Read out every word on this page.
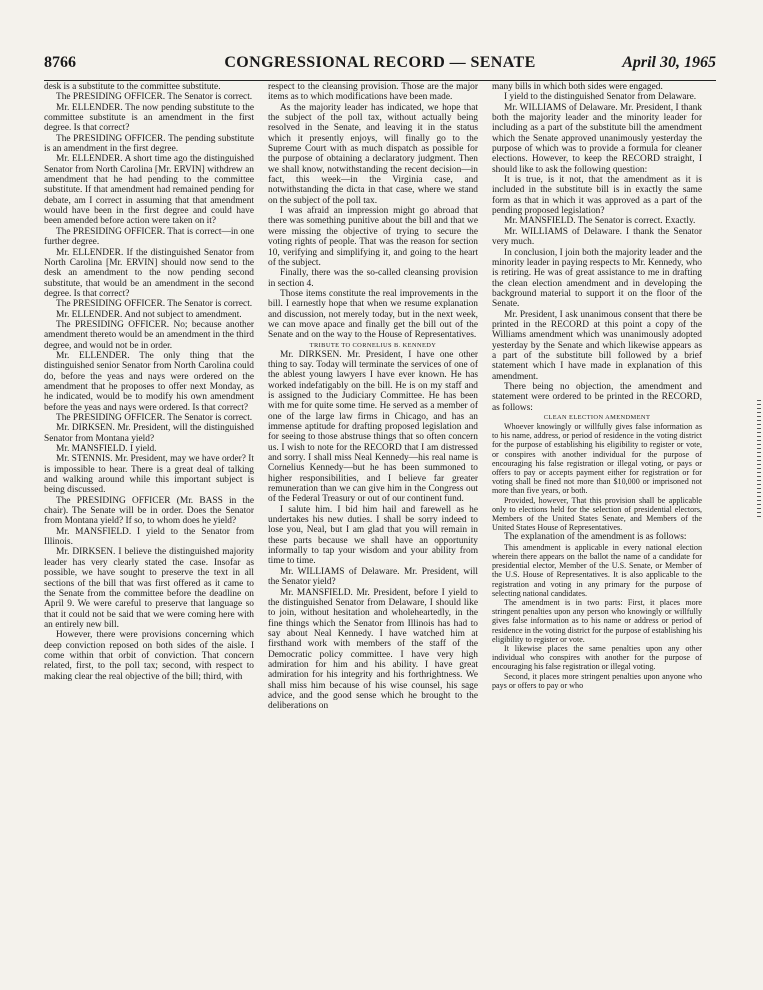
8766	CONGRESSIONAL RECORD — SENATE	April 30, 1965

desk is a substitute to the committee substitute.

The PRESIDING OFFICER. The Senator is correct.

Mr. ELLENDER. The now pending substitute to the committee substitute is an amendment in the first degree. Is that correct?

The PRESIDING OFFICER. The pending substitute is an amendment in the first degree.

Mr. ELLENDER. A short time ago the distinguished Senator from North Carolina [Mr. ERVIN] withdrew an amendment that he had pending to the committee substitute. If that amendment had remained pending for debate, am I correct in assuming that that amendment would have been in the first degree and could have been amended before action were taken on it?

The PRESIDING OFFICER. That is correct—in one further degree.

Mr. ELLENDER. If the distinguished Senator from North Carolina [Mr. ERVIN] should now send to the desk an amendment to the now pending second substitute, that would be an amendment in the second degree. Is that correct?

The PRESIDING OFFICER. The Senator is correct.

Mr. ELLENDER. And not subject to amendment.

The PRESIDING OFFICER. No; because another amendment thereto would be an amendment in the third degree, and would not be in order.

Mr. ELLENDER. The only thing that the distinguished senior Senator from North Carolina could do, before the yeas and nays were ordered on the amendment that he proposes to offer next Monday, as he indicated, would be to modify his own amendment before the yeas and nays were ordered. Is that correct?

The PRESIDING OFFICER. The Senator is correct.

Mr. DIRKSEN. Mr. President, will the distinguished Senator from Montana yield?

Mr. MANSFIELD. I yield.

Mr. STENNIS. Mr. President, may we have order? It is impossible to hear. There is a great deal of talking and walking around while this important subject is being discussed.

The PRESIDING OFFICER (Mr. BASS in the chair). The Senate will be in order. Does the Senator from Montana yield? If so, to whom does he yield?

Mr. MANSFIELD. I yield to the Senator from Illinois.

Mr. DIRKSEN. I believe the distinguished majority leader has very clearly stated the case. Insofar as possible, we have sought to preserve the text in all sections of the bill that was first offered as it came to the Senate from the committee before the deadline on April 9. We were careful to preserve that language so that it could not be said that we were coming here with an entirely new bill.

However, there were provisions concerning which deep conviction reposed on both sides of the aisle. I come within that orbit of conviction. That concern related, first, to the poll tax; second, with respect to making clear the real objective of the bill; third, with

respect to the cleansing provision. Those are the major items as to which modifications have been made.

As the majority leader has indicated, we hope that the subject of the poll tax, without actually being resolved in the Senate, and leaving it in the status which it presently enjoys, will finally go to the Supreme Court with as much dispatch as possible for the purpose of obtaining a declaratory judgment. Then we shall know, notwithstanding the recent decision—in fact, this week—in the Virginia case, and notwithstanding the dicta in that case, where we stand on the subject of the poll tax.

I was afraid an impression might go abroad that there was something punitive about the bill and that we were missing the objective of trying to secure the voting rights of people. That was the reason for section 10, verifying and simplifying it, and going to the heart of the subject.

Finally, there was the so-called cleansing provision in section 4.

Those items constitute the real improvements in the bill. I earnestly hope that when we resume explanation and discussion, not merely today, but in the next week, we can move apace and finally get the bill out of the Senate and on the way to the House of Representatives.

TRIBUTE TO CORNELIUS B. KENNEDY

Mr. DIRKSEN. Mr. President, I have one other thing to say. Today will terminate the services of one of the ablest young lawyers I have ever known. He has worked indefatigably on the bill. He is on my staff and is assigned to the Judiciary Committee. He has been with me for quite some time. He served as a member of one of the large law firms in Chicago, and has an immense aptitude for drafting proposed legislation and for seeing to those abstruse things that so often concern us. I wish to note for the RECORD that I am distressed and sorry. I shall miss Neal Kennedy—his real name is Cornelius Kennedy—but he has been summoned to higher responsibilities, and I believe far greater remuneration than we can give him in the Congress out of the Federal Treasury or out of our continent fund.

I salute him. I bid him hail and farewell as he undertakes his new duties. I shall be sorry indeed to lose you, Neal, but I am glad that you will remain in these parts because we shall have an opportunity informally to tap your wisdom and your ability from time to time.

Mr. WILLIAMS of Delaware. Mr. President, will the Senator yield?

Mr. MANSFIELD. Mr. President, before I yield to the distinguished Senator from Delaware, I should like to join, without hesitation and wholeheartedly, in the fine things which the Senator from Illinois has had to say about Neal Kennedy. I have watched him at firsthand work with members of the staff of the Democratic policy committee. I have very high admiration for him and his ability. I have great admiration for his integrity and his forthrightness. We shall miss him because of his wise counsel, his sage advice, and the good sense which he brought to the deliberations on

many bills in which both sides were engaged.

I yield to the distinguished Senator from Delaware.

Mr. WILLIAMS of Delaware. Mr. President, I thank both the majority leader and the minority leader for including as a part of the substitute bill the amendment which the Senate approved unanimously yesterday the purpose of which was to provide a formula for cleaner elections. However, to keep the RECORD straight, I should like to ask the following question:

It is true, is it not, that the amendment as it is included in the substitute bill is in exactly the same form as that in which it was approved as a part of the pending proposed legislation?

Mr. MANSFIELD. The Senator is correct. Exactly.

Mr. WILLIAMS of Delaware. I thank the Senator very much.

In conclusion, I join both the majority leader and the minority leader in paying respects to Mr. Kennedy, who is retiring. He was of great assistance to me in drafting the clean election amendment and in developing the background material to support it on the floor of the Senate.

Mr. President, I ask unanimous consent that there be printed in the RECORD at this point a copy of the Williams amendment which was unanimously adopted yesterday by the Senate and which likewise appears as a part of the substitute bill followed by a brief statement which I have made in explanation of this amendment.

There being no objection, the amendment and statement were ordered to be printed in the RECORD, as follows:

CLEAN ELECTION AMENDMENT

Whoever knowingly or willfully gives false information as to his name, address, or period of residence in the voting district for the purpose of establishing his eligibility to register or vote, or conspires with another individual for the purpose of encouraging his false registration or illegal voting, or pays or offers to pay or accepts payment either for registration or for voting shall be fined not more than $10,000 or imprisoned not more than five years, or both.

Provided, however, That this provision shall be applicable only to elections held for the selection of presidential electors, Members of the United States Senate, and Members of the United States House of Representatives.

The explanation of the amendment is as follows:

This amendment is applicable in every national election wherein there appears on the ballot the name of a candidate for presidential elector, Member of the U.S. Senate, or Member of the U.S. House of Representatives. It is also applicable to the registration and voting in any primary for the purpose of selecting national candidates.

The amendment is in two parts: First, it places more stringent penalties upon any person who knowingly or willfully gives false information as to his name or address or period of residence in the voting district for the purpose of establishing his eligibility to register or vote.

It likewise places the same penalties upon any other individual who conspires with another for the purpose of encouraging his false registration or illegal voting.

Second, it places more stringent penalties upon anyone who pays or offers to pay or who
